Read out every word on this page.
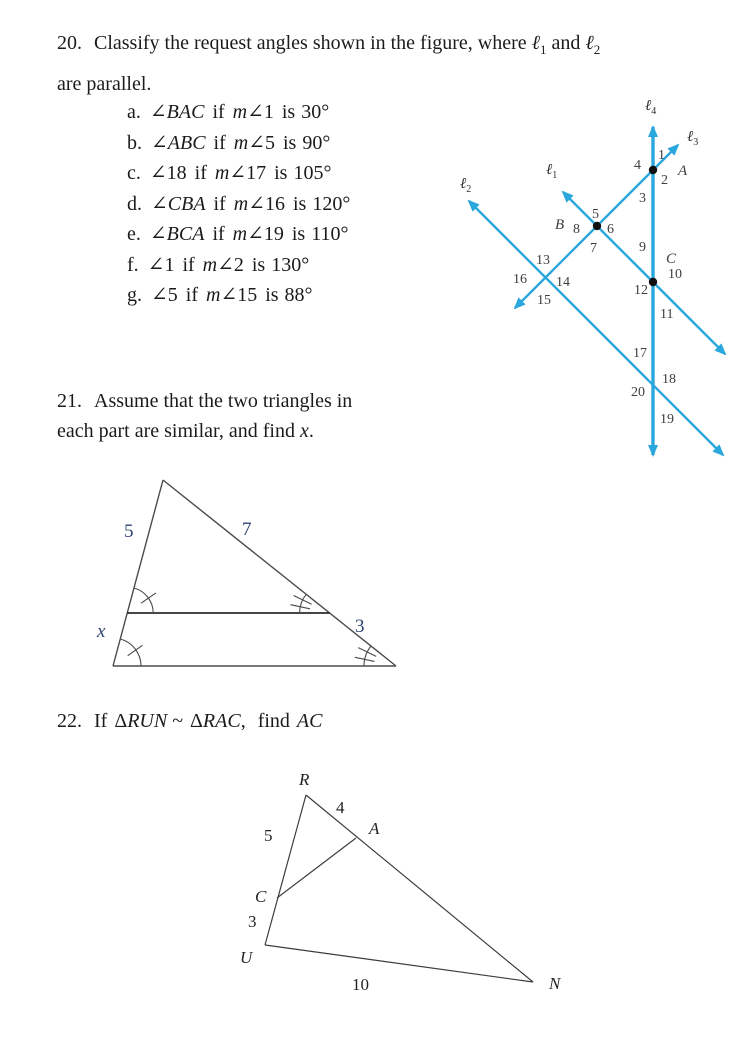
20. Classify the request angles shown in the figure, where ℓ$_1$ and ℓ$_2$
are parallel.
a. ∠BAC if m∠1 is 30°
b. ∠ABC if m∠5 is 90°
c. ∠18 if m∠17 is 105°
d. ∠CBA if m∠16 is 120°
e. ∠BCA if m∠19 is 110°
f. ∠1 if m∠2 is 130°
g. ∠5 if m∠15 is 88°
ℓ$_4$
ℓ$_3$
ℓ$_1$
ℓ$_2$
A
B
C
1
2
3
4
5
6
7
8
9
10
11
12
13
14
15
16
17
18
19
20
21. Assume that the two triangles in
each part are similar, and find x.
5	7
x	3
22. If ΔRUN ~ ΔRAC, find AC
R
4
A
5
C
3
U
10	N
